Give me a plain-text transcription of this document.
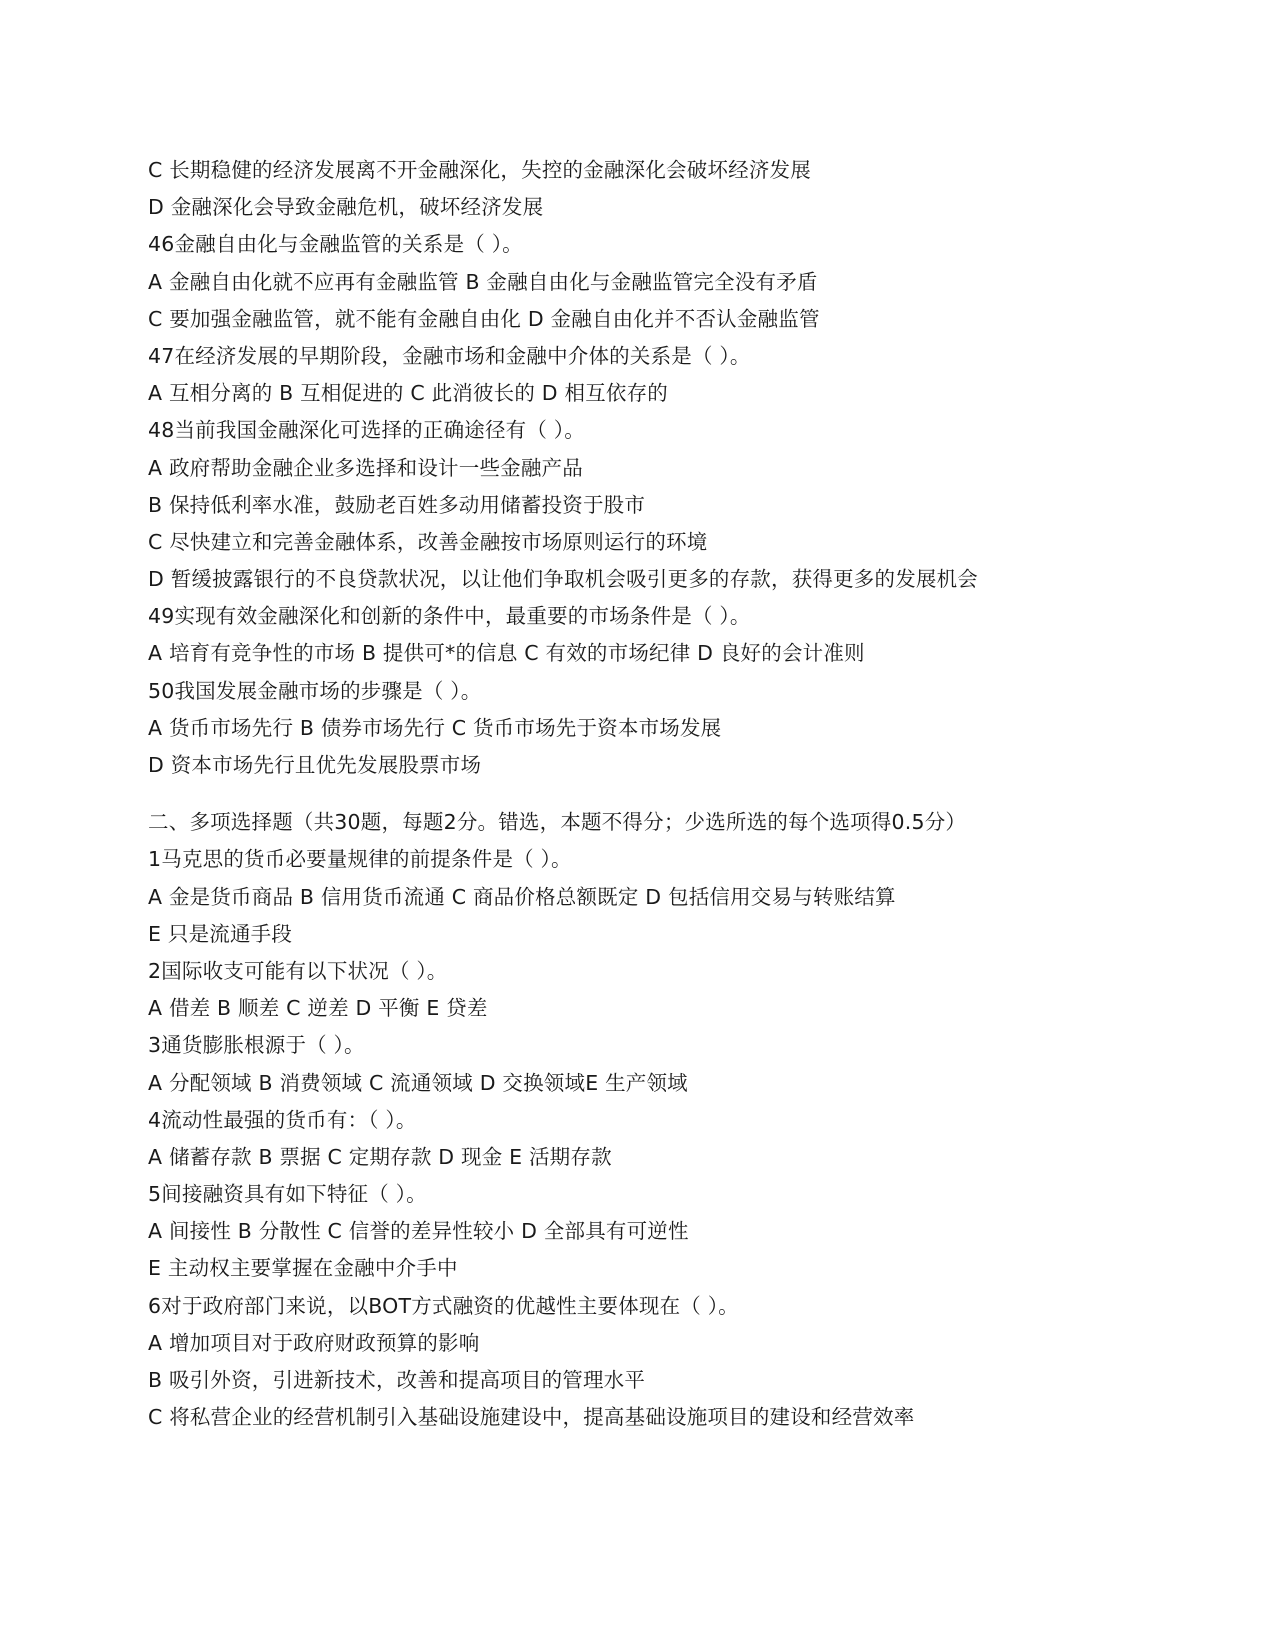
C 长期稳健的经济发展离不开金融深化，失控的金融深化会破坏经济发展
D 金融深化会导致金融危机，破坏经济发展
46金融自由化与金融监管的关系是（ ）。
A 金融自由化就不应再有金融监管 B 金融自由化与金融监管完全没有矛盾
C 要加强金融监管，就不能有金融自由化 D 金融自由化并不否认金融监管
47在经济发展的早期阶段，金融市场和金融中介体的关系是（ ）。
A 互相分离的 B 互相促进的 C 此消彼长的 D 相互依存的
48当前我国金融深化可选择的正确途径有（ ）。
A 政府帮助金融企业多选择和设计一些金融产品
B 保持低利率水准，鼓励老百姓多动用储蓄投资于股市
C 尽快建立和完善金融体系，改善金融按市场原则运行的环境
D 暂缓披露银行的不良贷款状况，以让他们争取机会吸引更多的存款，获得更多的发展机会
49实现有效金融深化和创新的条件中，最重要的市场条件是（ ）。
A 培育有竞争性的市场 B 提供可*的信息 C 有效的市场纪律 D 良好的会计准则
50我国发展金融市场的步骤是（ ）。
A 货币市场先行 B 债券市场先行 C 货币市场先于资本市场发展
D 资本市场先行且优先发展股票市场
二、多项选择题（共30题，每题2分。错选，本题不得分；少选所选的每个选项得0.5分）
1马克思的货币必要量规律的前提条件是（ ）。
A 金是货币商品 B 信用货币流通 C 商品价格总额既定 D 包括信用交易与转账结算
E 只是流通手段
2国际收支可能有以下状况（ ）。
A 借差 B 顺差 C 逆差 D 平衡 E 贷差
3通货膨胀根源于（ ）。
A 分配领域 B 消费领域 C 流通领域 D 交换领域E 生产领域
4流动性最强的货币有：（ ）。
A 储蓄存款 B 票据 C 定期存款 D 现金 E 活期存款
5间接融资具有如下特征（ ）。
A 间接性 B 分散性 C 信誉的差异性较小 D 全部具有可逆性
E 主动权主要掌握在金融中介手中
6对于政府部门来说，以BOT方式融资的优越性主要体现在（ ）。
A 增加项目对于政府财政预算的影响
B 吸引外资，引进新技术，改善和提高项目的管理水平
C 将私营企业的经营机制引入基础设施建设中，提高基础设施项目的建设和经营效率
